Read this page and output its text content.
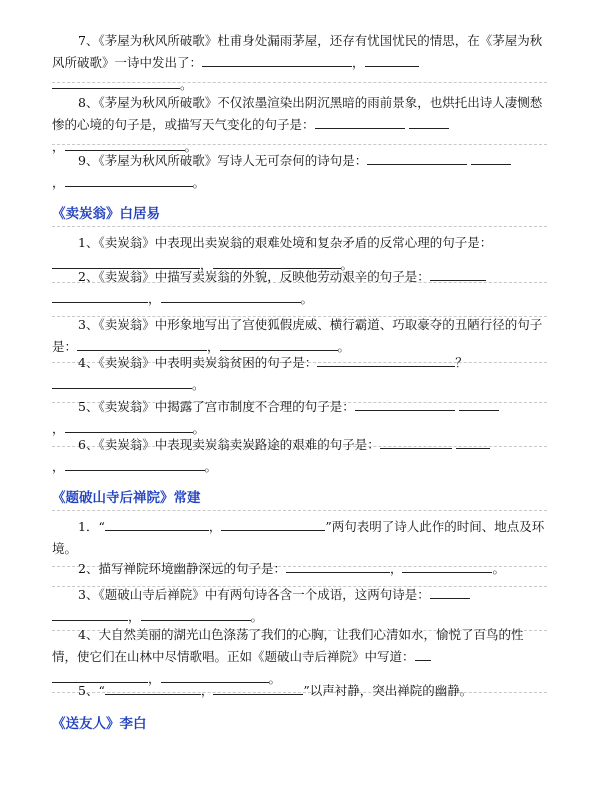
7、《茅屋为秋风所破歌》杜甫身处漏雨茅屋，还存有忧国忧民的情思，在《茅屋为秋风所破歌》一诗中发出了：	，
。
8、《茅屋为秋风所破歌》不仅浓墨渲染出阴沉黑暗的雨前景象，也烘托出诗人凄恻愁惨的心境的句子是，或描写天气变化的句子是：
，	。
9、《茅屋为秋风所破歌》写诗人无可奈何的诗句是：
，	。
《卖炭翁》白居易
1、《卖炭翁》中表现出卖炭翁的艰难处境和复杂矛盾的反常心理的句子是：
，	。
2、《卖炭翁》中描写卖炭翁的外貌，反映他劳动艰辛的句子是：
，	。
3、《卖炭翁》中形象地写出了宫使狐假虎威、横行霸道、巧取豪夺的丑陋行径的句子是：	，	。
4、《卖炭翁》中表明卖炭翁贫困的句子是：	？
。
5、《卖炭翁》中揭露了宫市制度不合理的句子是：
，	。
6、《卖炭翁》中表现卖炭翁卖炭路途的艰难的句子是：
，	。
《题破山寺后禅院》常建
1．“	，	”两句表明了诗人此作的时间、地点及环境。
2、描写禅院环境幽静深远的句子是：	，	。
3、《题破山寺后禅院》中有两句诗各含一个成语，这两句诗是：
，	。
4、大自然美丽的湖光山色涤荡了我们的心胸，让我们心清如水，愉悦了百鸟的性情，使它们在山林中尽情歌唱。正如《题破山寺后禅院》中写道：
，	。
5、“	，	”以声衬静，突出禅院的幽静。
《送友人》李白
